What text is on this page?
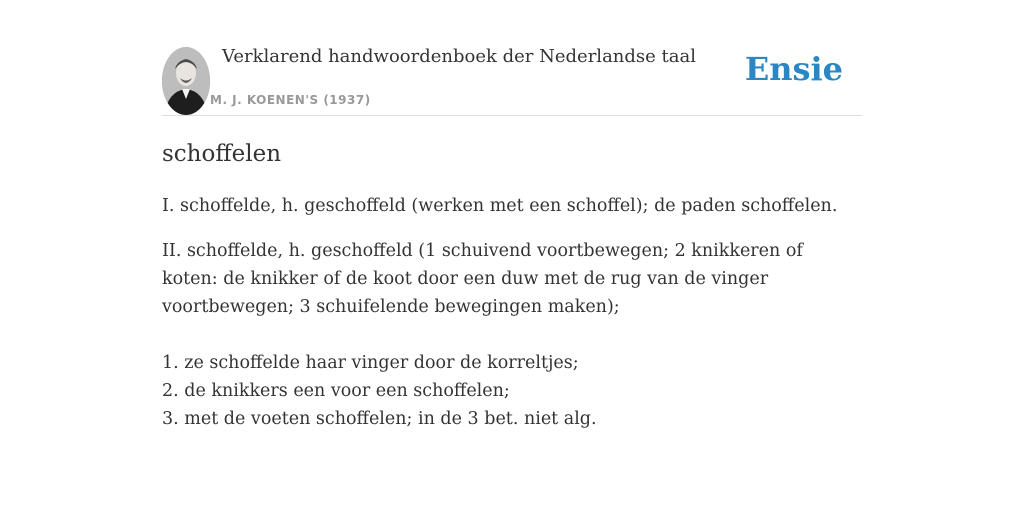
Verklarend handwoordenboek der Nederlandse taal
M. J. KOENEN'S (1937)
Ensie
schoffelen

I. schoffelde, h. geschoffeld (werken met een schoffel); de paden schoffelen.

II. schoffelde, h. geschoffeld (1 schuivend voortbewegen; 2 knikkeren of koten: de knikker of de koot door een duw met de rug van de vinger voortbewegen; 3 schuifelende bewegingen maken);

1. ze schoffelde haar vinger door de korreltjes;
2. de knikkers een voor een schoffelen;
3. met de voeten schoffelen; in de 3 bet. niet alg.
